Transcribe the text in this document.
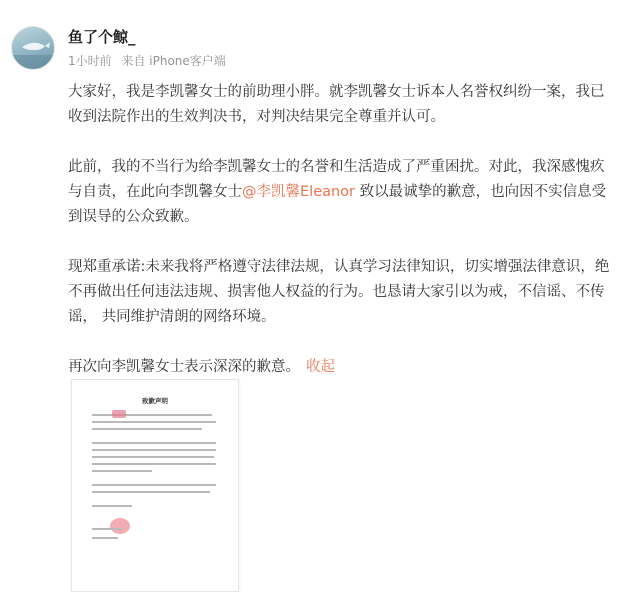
鱼了个鲸_
1小时前 来自 iPhone客户端

大家好，我是李凯馨女士的前助理小胖。就李凯馨女士诉本人名誉权纠纷一案，我已收到法院作出的生效判决书，对判决结果完全尊重并认可。

此前，我的不当行为给李凯馨女士的名誉和生活造成了严重困扰。对此，我深感愧疚与自责，在此向李凯馨女士@李凯馨Eleanor 致以最诚挚的歉意，也向因不实信息受到误导的公众致歉。

现郑重承诺:未来我将严格遵守法律法规，认真学习法律知识，切实增强法律意识，绝不再做出任何违法违规、损害他人权益的行为。也恳请大家引以为戒，不信谣、不传谣， 共同维护清朗的网络环境。

再次向李凯馨女士表示深深的歉意。 收起

致歉声明
